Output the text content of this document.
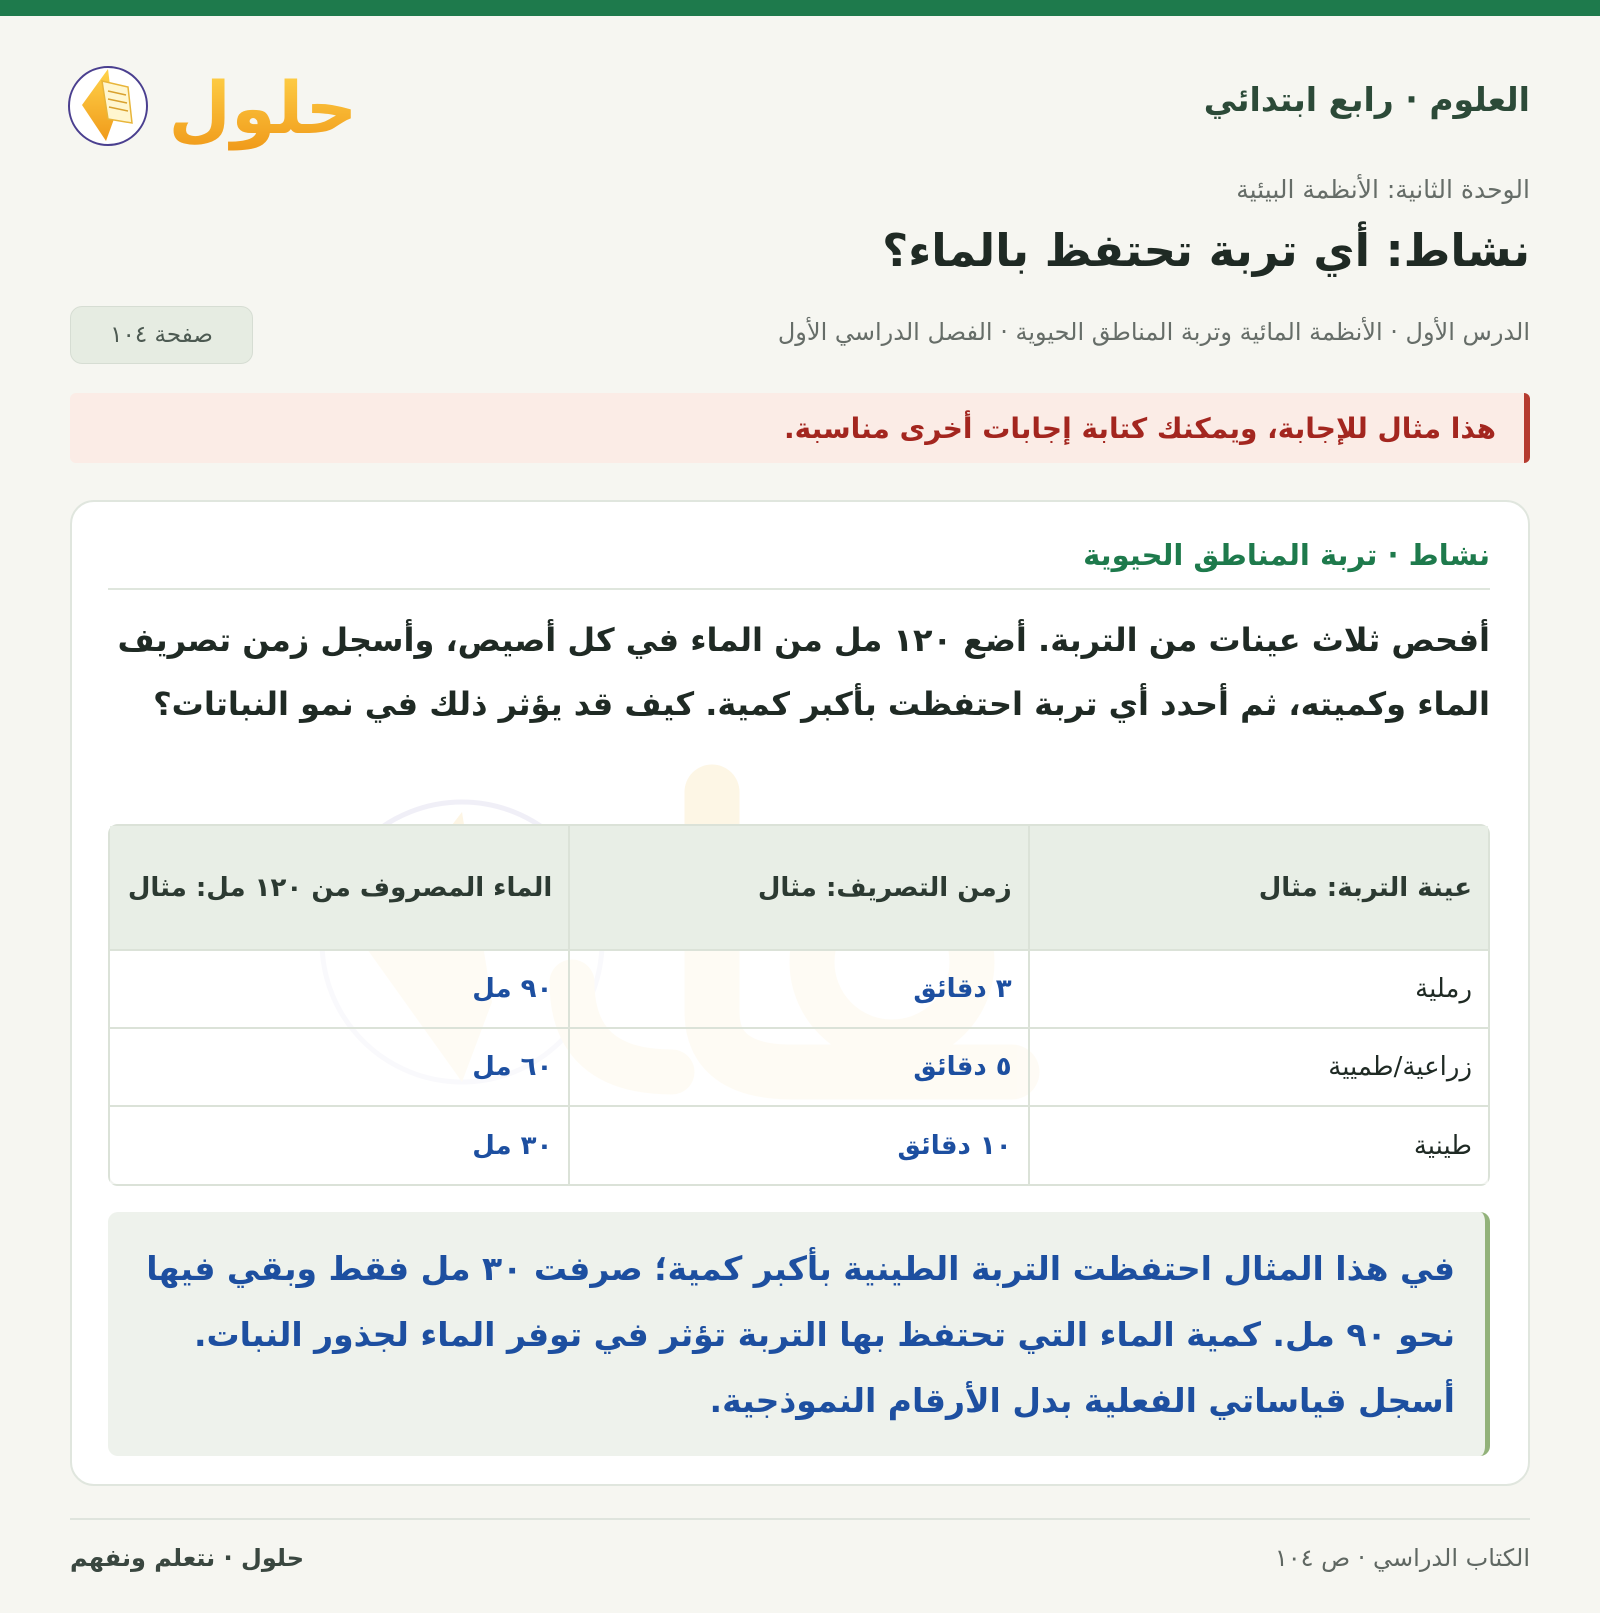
العلوم · رابع ابتدائي
حلول
الوحدة الثانية: الأنظمة البيئية
نشاط: أي تربة تحتفظ بالماء؟
الدرس الأول · الأنظمة المائية وتربة المناطق الحيوية · الفصل الدراسي الأول
صفحة ١٠٤
هذا مثال للإجابة، ويمكنك كتابة إجابات أخرى مناسبة.
نشاط · تربة المناطق الحيوية

أفحص ثلاث عينات من التربة. أضع ١٢٠ مل من الماء في كل أصيص، وأسجل زمن تصريف الماء وكميته، ثم أحدد أي تربة احتفظت بأكبر كمية. كيف قد يؤثر ذلك في نمو النباتات؟

عينة التربة: مثال	زمن التصريف: مثال	الماء المصروف من ١٢٠ مل: مثال
رملية	٣ دقائق	٩٠ مل
زراعية/طميية	٥ دقائق	٦٠ مل
طينية	١٠ دقائق	٣٠ مل
في هذا المثال احتفظت التربة الطينية بأكبر كمية؛ صرفت ٣٠ مل فقط وبقي فيها نحو ٩٠ مل. كمية الماء التي تحتفظ بها التربة تؤثر في توفر الماء لجذور النبات. أسجل قياساتي الفعلية بدل الأرقام النموذجية.
الكتاب الدراسي · ص ١٠٤
حلول · نتعلم ونفهم
